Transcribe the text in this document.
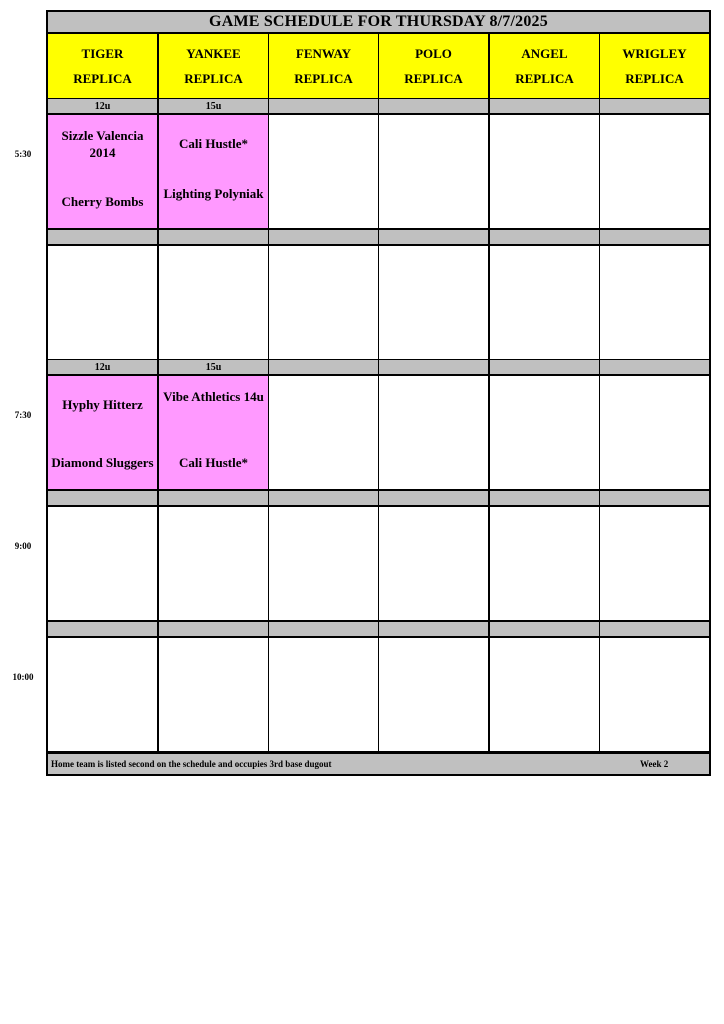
GAME SCHEDULE FOR THURSDAY 8/7/2025
Home team is listed second on the schedule and occupies 3rd base dugout	Week 2
TIGER
REPLICA
YANKEE
REPLICA
FENWAY
REPLICA
POLO
REPLICA
ANGEL
REPLICA
WRIGLEY
REPLICA
12u
Sizzle Valencia 2014
Cherry Bombs
15u
Cali Hustle*
Lighting Polyniak
12u
Hyphy Hitterz
Diamond Sluggers
15u
Vibe Athletics 14u
Cali Hustle*
5:30
7:30
9:00
10:00
